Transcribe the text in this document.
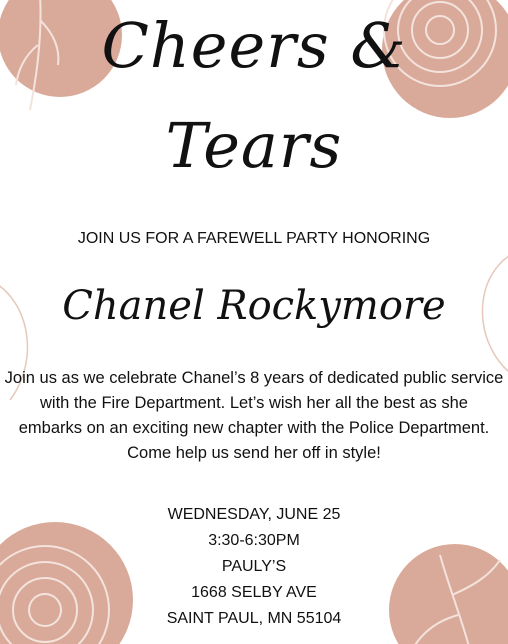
Cheers &
Tears
JOIN US FOR A FAREWELL PARTY HONORING
Chanel Rockymore
Join us as we celebrate Chanel’s 8 years of dedicated public service
with the Fire Department. Let’s wish her all the best as she
embarks on an exciting new chapter with the Police Department.
Come help us send her off in style!
WEDNESDAY, JUNE 25
3:30-6:30PM
PAULY’S
1668 SELBY AVE
SAINT PAUL, MN 55104
